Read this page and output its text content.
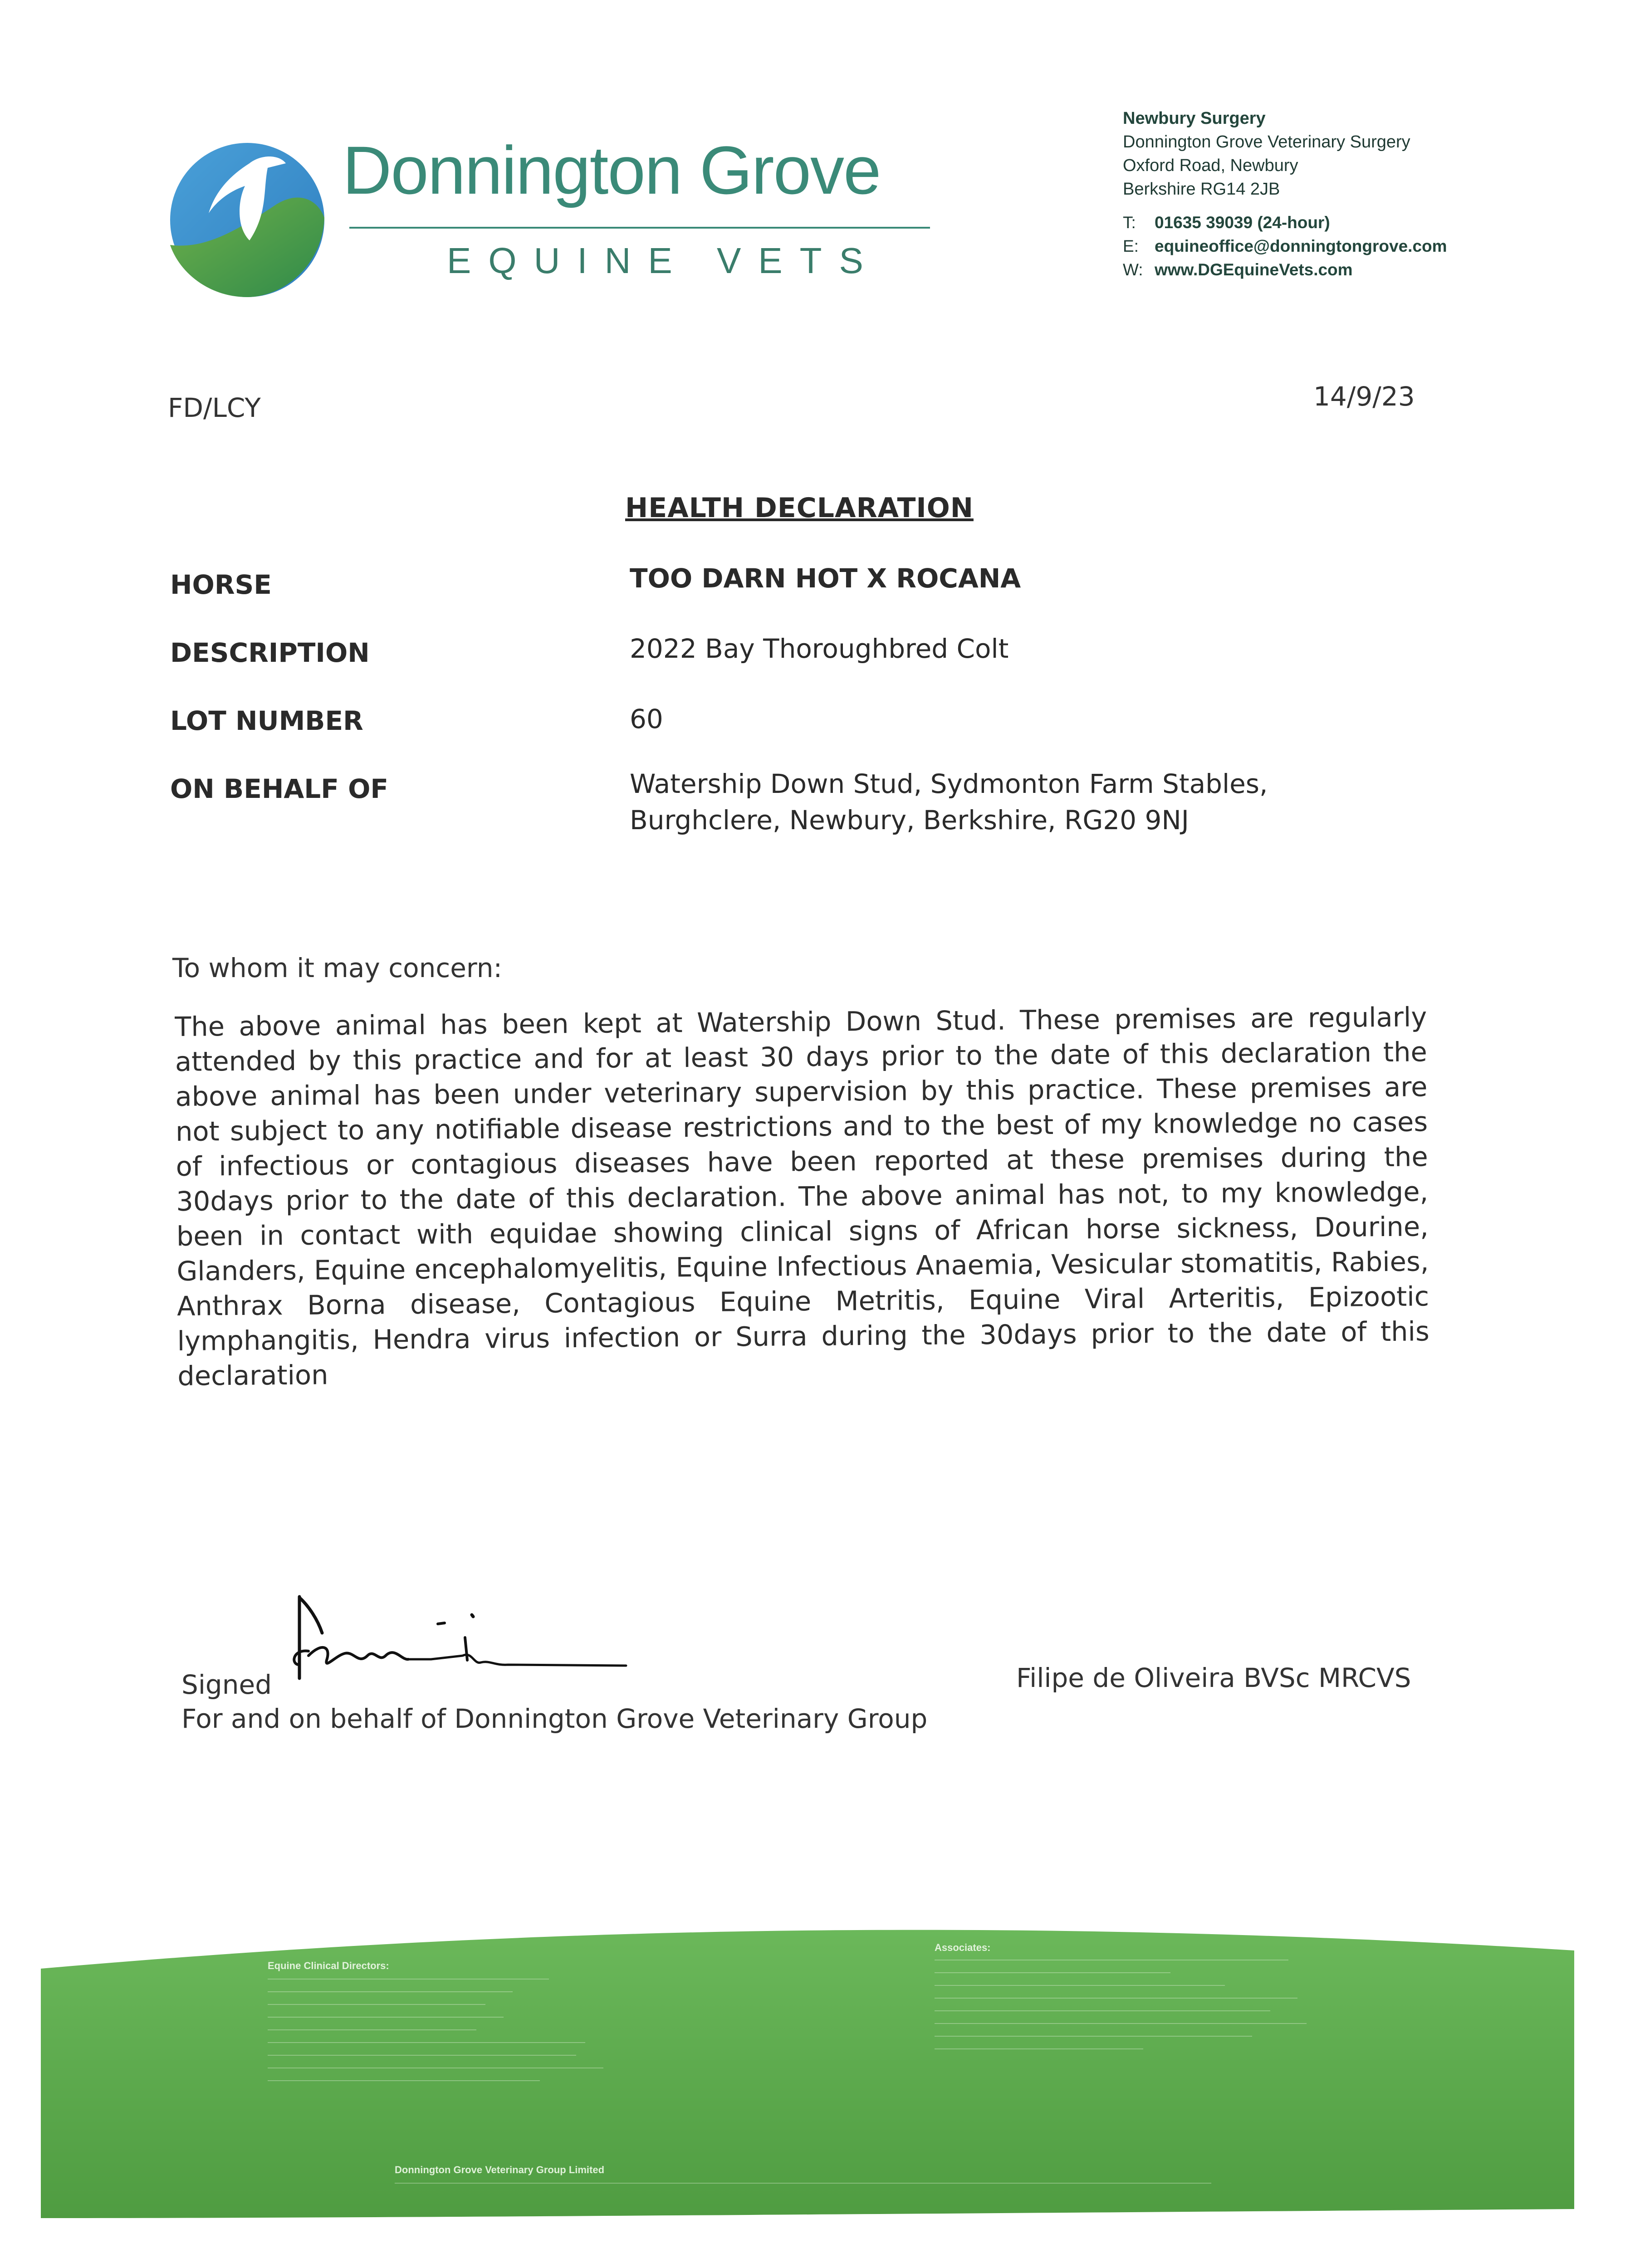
Donnington Grove
EQUINE VETS
Newbury Surgery
Donnington Grove Veterinary Surgery
Oxford Road, Newbury
Berkshire RG14 2JB
T: 01635 39039 (24-hour)
E: equineoffice@donningtongrove.com
W: www.DGEquineVets.com
FD/LCY	14/9/23
HEALTH DECLARATION
HORSE	TOO DARN HOT X ROCANA
DESCRIPTION	2022 Bay Thoroughbred Colt
LOT NUMBER	60
ON BEHALF OF	Watership Down Stud, Sydmonton Farm Stables,
Burghclere, Newbury, Berkshire, RG20 9NJ
To whom it may concern:
The above animal has been kept at Watership Down Stud. These premises are regularly attended by this practice and for at least 30 days prior to the date of this declaration the above animal has been under veterinary supervision by this practice. These premises are not subject to any notifiable disease restrictions and to the best of my knowledge no cases of infectious or contagious diseases have been reported at these premises during the 30days prior to the date of this declaration. The above animal has not, to my knowledge, been in contact with equidae showing clinical signs of African horse sickness, Dourine, Glanders, Equine encephalomyelitis, Equine Infectious Anaemia, Vesicular stomatitis, Rabies, Anthrax Borna disease, Contagious Equine Metritis, Equine Viral Arteritis, Epizootic lymphangitis, Hendra virus infection or Surra during the 30days prior to the date of this declaration
Signed
For and on behalf of Donnington Grove Veterinary Group
Filipe de Oliveira BVSc MRCVS
Equine Clinical Directors:
Associates:
Donnington Grove Veterinary Group Limited
